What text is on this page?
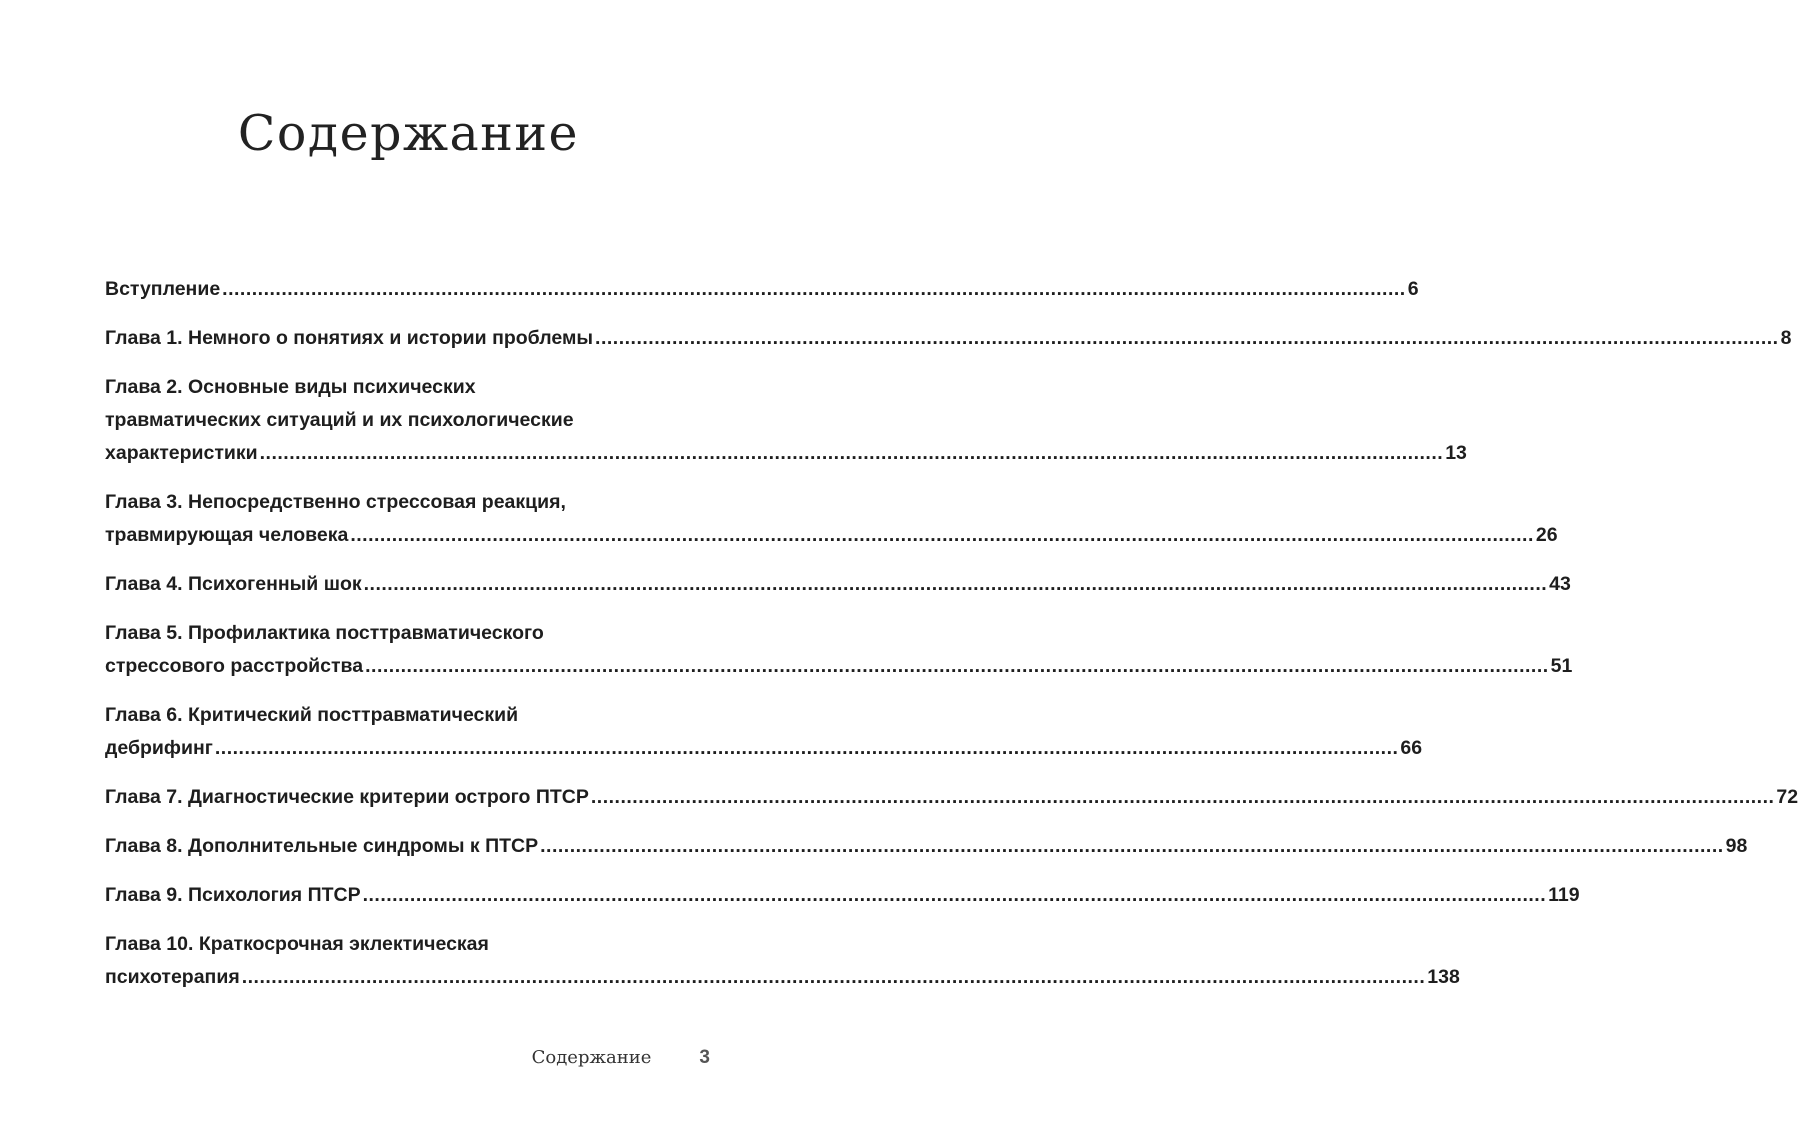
Содержание
Вступление ........................................................................................................................................................................................................ 6
Глава 1. Немного о понятиях и истории проблемы ........................................................................................................................................................................................................ 8
Глава 2. Основные виды психических
травматических ситуаций и их психологические
характеристики ........................................................................................................................................................................................................ 13
Глава 3. Непосредственно стрессовая реакция,
травмирующая человека ........................................................................................................................................................................................................ 26
Глава 4. Психогенный шок ........................................................................................................................................................................................................ 43
Глава 5. Профилактика посттравматического
стрессового расстройства ........................................................................................................................................................................................................ 51
Глава 6. Критический посттравматический
дебрифинг ........................................................................................................................................................................................................ 66
Глава 7. Диагностические критерии острого ПТСР ........................................................................................................................................................................................................ 72
Глава 8. Дополнительные синдромы к ПТСР ........................................................................................................................................................................................................ 98
Глава 9. Психология ПТСР ........................................................................................................................................................................................................ 119
Глава 10. Краткосрочная эклектическая
психотерапия ........................................................................................................................................................................................................ 138
Содержание	3
